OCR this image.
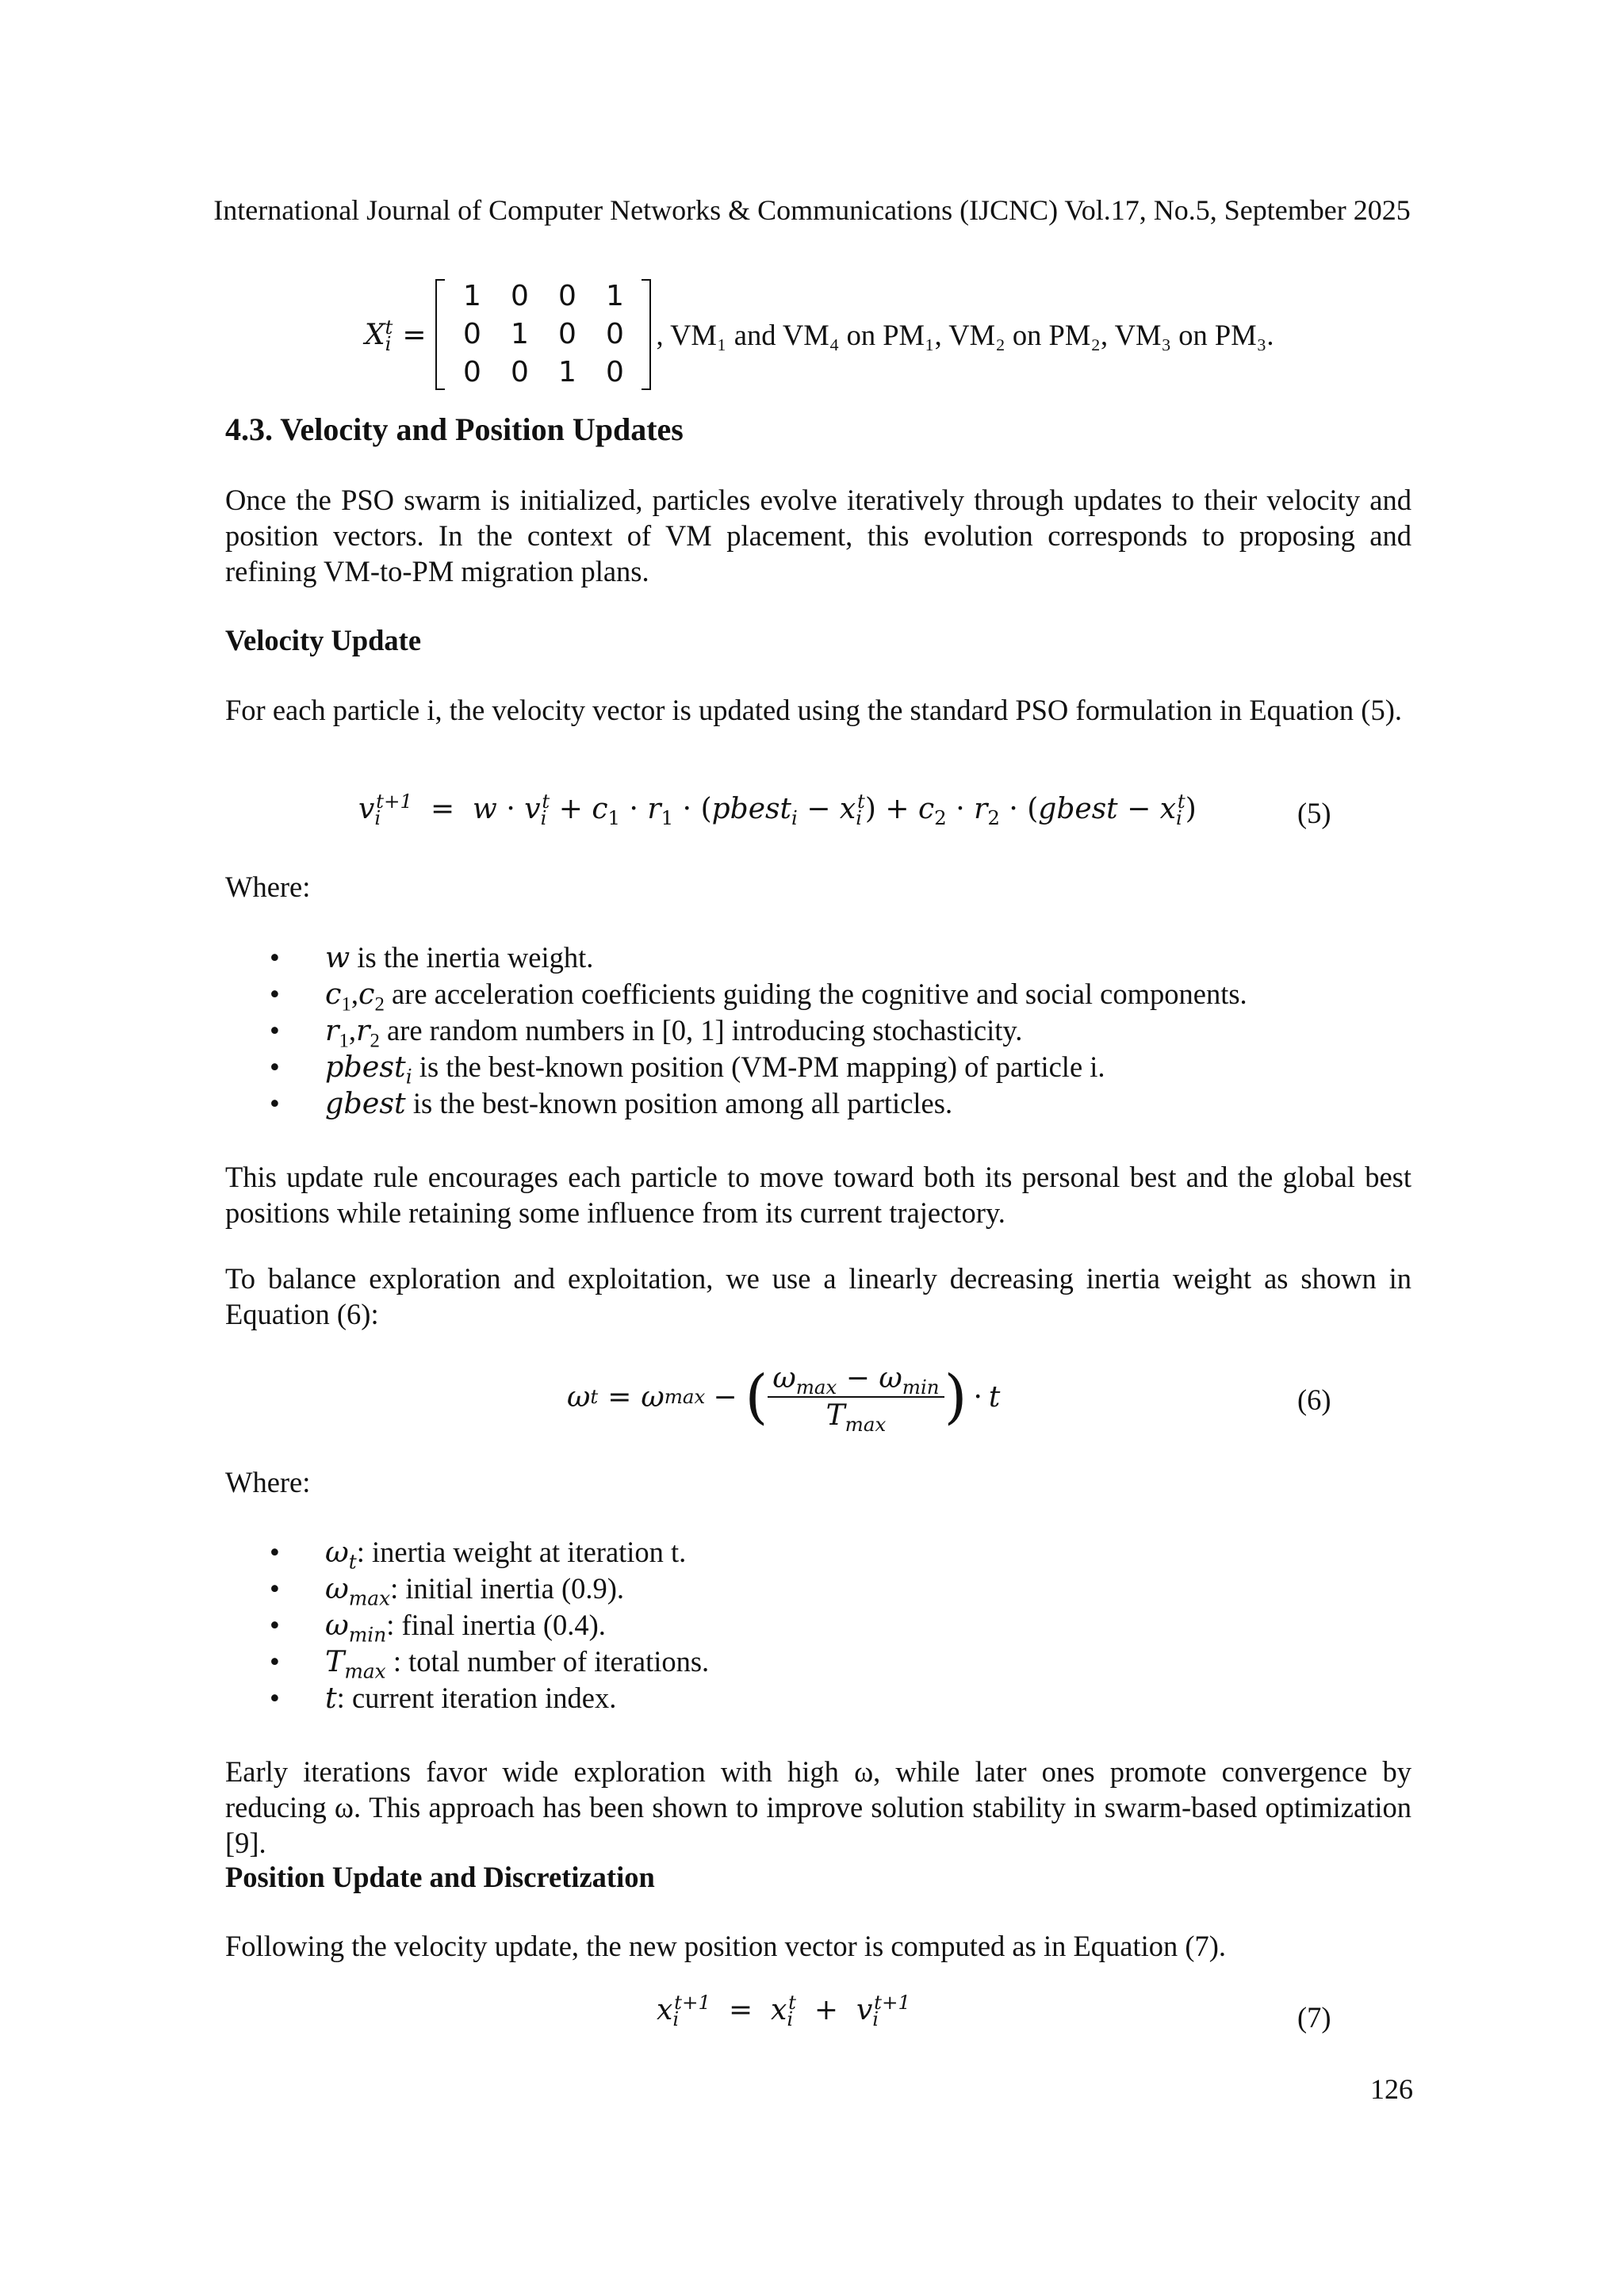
International Journal of Computer Networks & Communications (IJCNC) Vol.17, No.5, September 2025
$X_i^t$ =
1	0	0	1
0	1	0	0
0	0	1	0
, VM₁ and VM₄ on PM₁, VM₂ on PM₂, VM₃ on PM₃.
4.3. Velocity and Position Updates
Once the PSO swarm is initialized, particles evolve iteratively through updates to their velocity and position vectors. In the context of VM placement, this evolution corresponds to proposing and refining VM-to-PM migration plans.
Velocity Update
For each particle i, the velocity vector is updated using the standard PSO formulation in Equation (5).
$v_i^{t+1} = w \cdot v_i^t + c_1 \cdot r_1$ · (pbest$_i$ − $x_i^t) + c_2 \cdot r_2$ · (gbest − $x_i^t$)	(5)
Where:
• w is the inertia weight.
• $c_1,c_2$ are acceleration coefficients guiding the cognitive and social components.
• $r_1,r_2$ are random numbers in [0, 1] introducing stochasticity.
• pbest$_i$ is the best-known position (VM-PM mapping) of particle i.
• gbest is the best-known position among all particles.
This update rule encourages each particle to move toward both its personal best and the global best positions while retaining some influence from its current trajectory.
To balance exploration and exploitation, we use a linearly decreasing inertia weight as shown in Equation (6):
ω t = ω max − ( $\frac{\omega_{max} - \omega_{min}}{T_{max}}$ ) · t	(6)
Where:
• $\omega_t$: inertia weight at iteration t.
• $\omega_{max}$: initial inertia (0.9).
• $\omega_{min}$: final inertia (0.4).
• $T_{max}$ : total number of iterations.
• t: current iteration index.
Early iterations favor wide exploration with high ω, while later ones promote convergence by reducing ω. This approach has been shown to improve solution stability in swarm-based optimization [9].
Position Update and Discretization
Following the velocity update, the new position vector is computed as in Equation (7).
$x_i^{t+1} = x_i^t + v_i^{t+1}$	(7)
126
